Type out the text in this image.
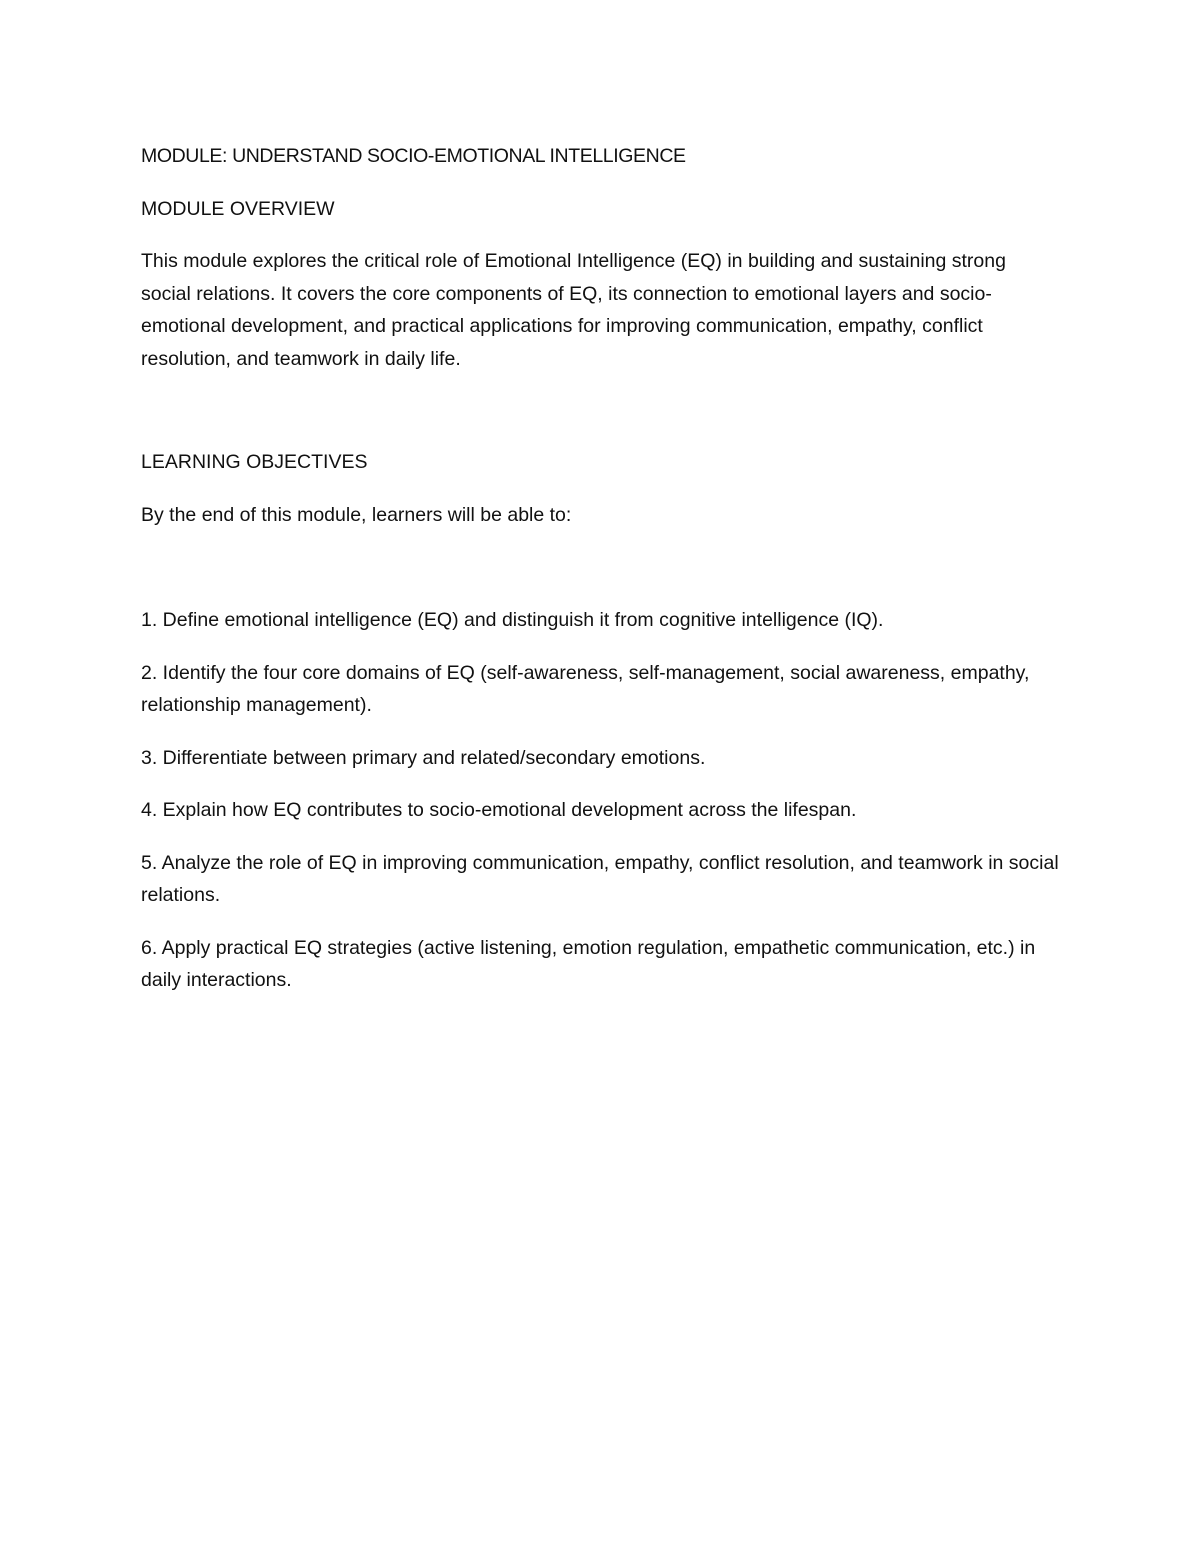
MODULE: UNDERSTAND SOCIO-EMOTIONAL INTELLIGENCE
MODULE OVERVIEW

This module explores the critical role of Emotional Intelligence (EQ) in building and sustaining strong social relations. It covers the core components of EQ, its connection to emotional layers and socio-emotional development, and practical applications for improving communication, empathy, conflict resolution, and teamwork in daily life.

LEARNING OBJECTIVES

By the end of this module, learners will be able to:

1. Define emotional intelligence (EQ) and distinguish it from cognitive intelligence (IQ).
2. Identify the four core domains of EQ (self-awareness, self-management, social awareness, empathy, relationship management).
3. Differentiate between primary and related/secondary emotions.
4. Explain how EQ contributes to socio-emotional development across the lifespan.
5. Analyze the role of EQ in improving communication, empathy, conflict resolution, and teamwork in social relations.
6. Apply practical EQ strategies (active listening, emotion regulation, empathetic communication, etc.) in daily interactions.
